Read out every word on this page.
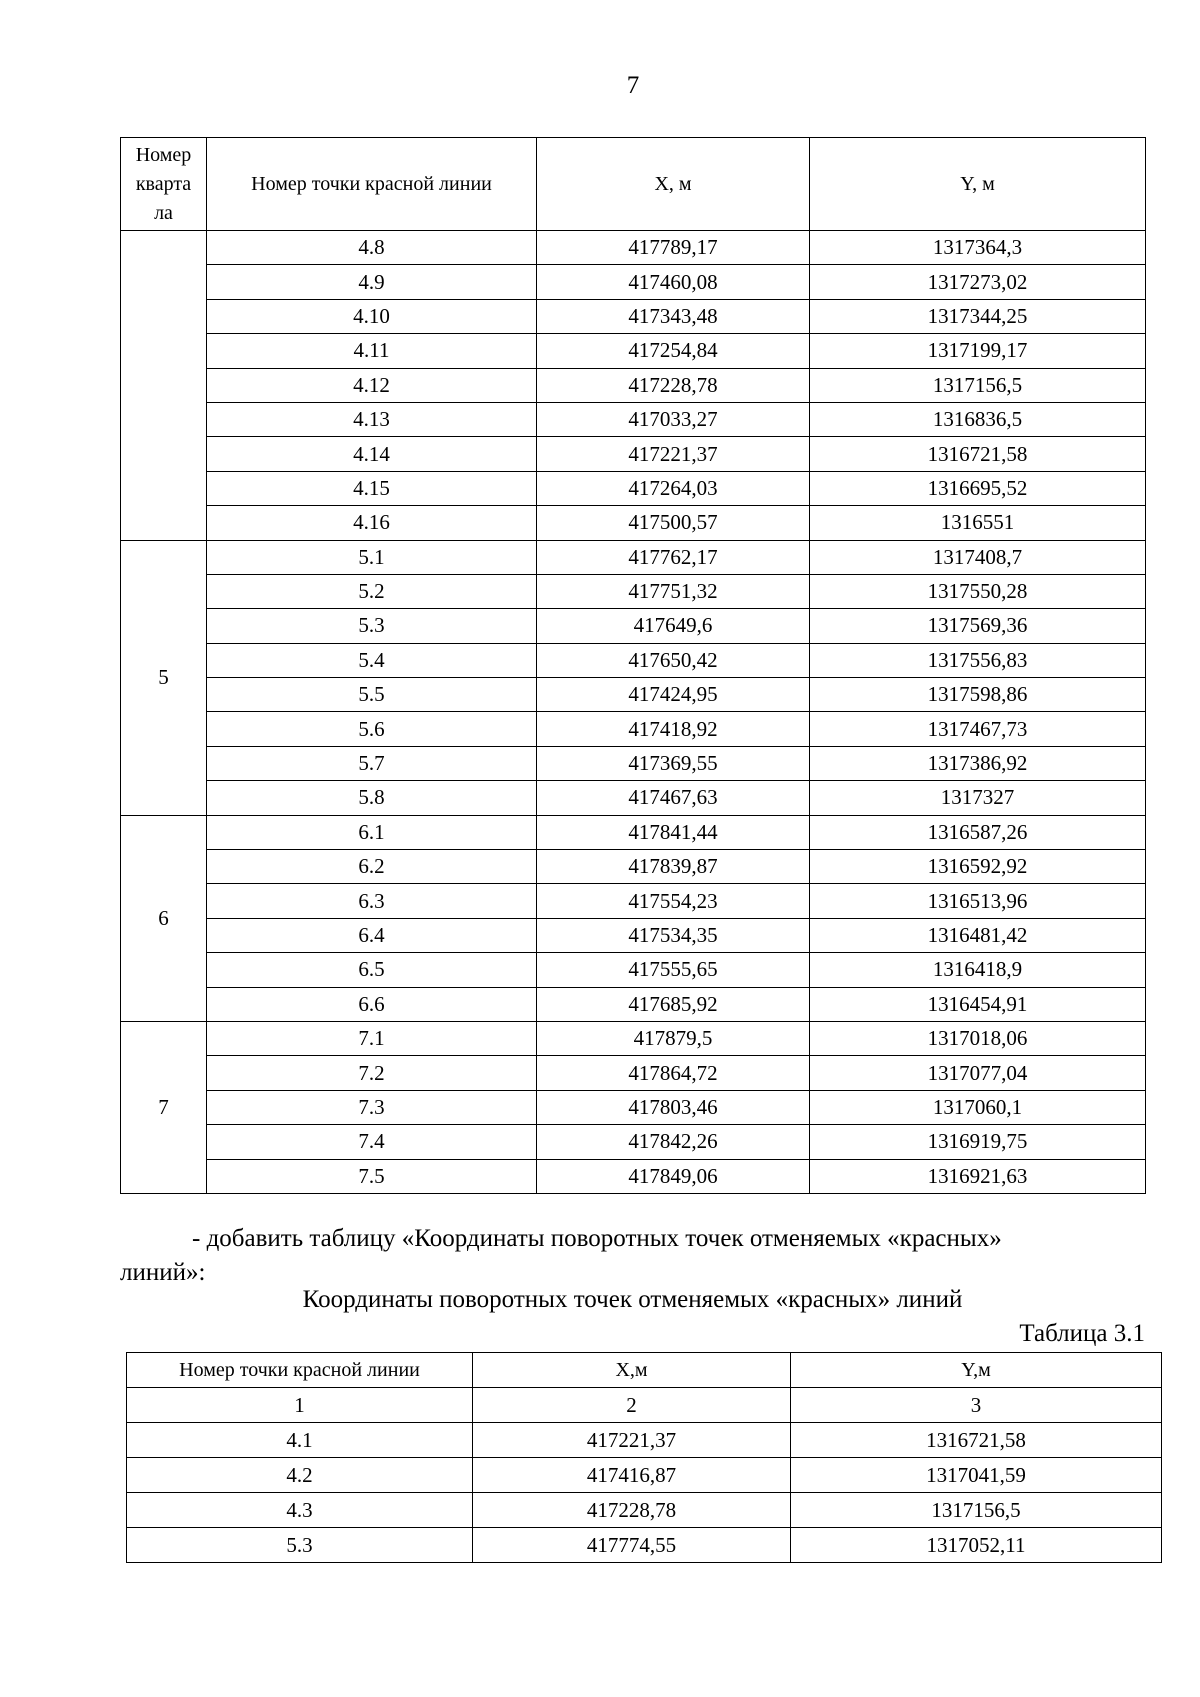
7
Номер
кварта
ла	Номер точки красной линии	X, м	Y, м
	4.8	417789,17	1317364,3
	4.9	417460,08	1317273,02
	4.10	417343,48	1317344,25
	4.11	417254,84	1317199,17
	4.12	417228,78	1317156,5
	4.13	417033,27	1316836,5
	4.14	417221,37	1316721,58
	4.15	417264,03	1316695,52
	4.16	417500,57	1316551
5	5.1	417762,17	1317408,7
	5.2	417751,32	1317550,28
	5.3	417649,6	1317569,36
	5.4	417650,42	1317556,83
	5.5	417424,95	1317598,86
	5.6	417418,92	1317467,73
	5.7	417369,55	1317386,92
	5.8	417467,63	1317327
6	6.1	417841,44	1316587,26
	6.2	417839,87	1316592,92
	6.3	417554,23	1316513,96
	6.4	417534,35	1316481,42
	6.5	417555,65	1316418,9
	6.6	417685,92	1316454,91
7	7.1	417879,5	1317018,06
	7.2	417864,72	1317077,04
	7.3	417803,46	1317060,1
	7.4	417842,26	1316919,75
	7.5	417849,06	1316921,63
- добавить таблицу «Координаты поворотных точек отменяемых «красных»
линий»:
Координаты поворотных точек отменяемых «красных» линий
Таблица 3.1
Номер точки красной линии	X,м	Y,м
1	2	3
4.1	417221,37	1316721,58
4.2	417416,87	1317041,59
4.3	417228,78	1317156,5
5.3	417774,55	1317052,11
